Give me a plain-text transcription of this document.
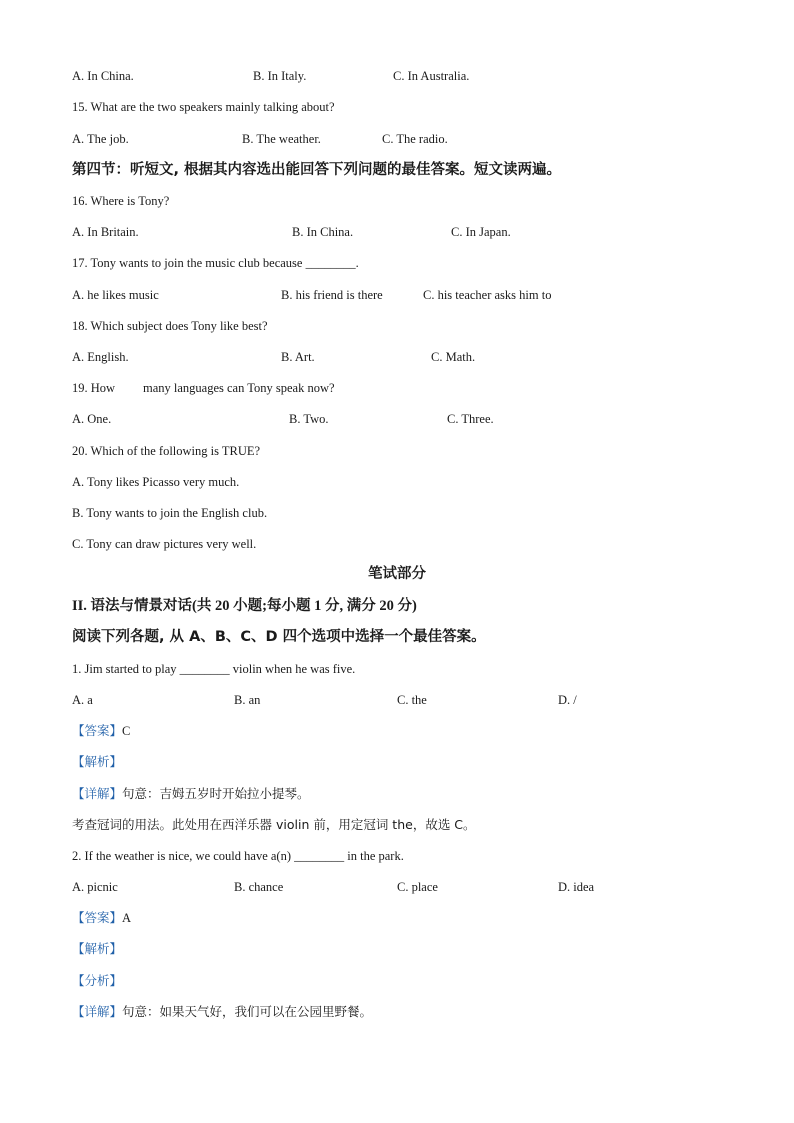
A. In China.	B. In Italy.	C. In Australia.
15. What are the two speakers mainly talking about?
A. The job.	B. The weather.	C. The radio.
第四节：听短文, 根据其内容选出能回答下列问题的最佳答案。短文读两遍。
16. Where is Tony?
A. In Britain.	B. In China.	C. In Japan.
17. Tony wants to join the music club because ________.
A. he likes music	B. his friend is there	C. his teacher asks him to
18. Which subject does Tony like best?
A. English.	B. Art.	C. Math.
19. How many languages can Tony speak now?
A. One.	B. Two.	C. Three.
20. Which of the following is TRUE?
A. Tony likes Picasso very much.
B. Tony wants to join the English club.
C. Tony can draw pictures very well.
笔试部分
II. 语法与情景对话(共 20 小题;每小题 1 分, 满分 20 分)
阅读下列各题, 从 A、B、C、D 四个选项中选择一个最佳答案。
1. Jim started to play ________ violin when he was five.
A. a	B. an	C. the	D. /
【答案】C
【解析】
【详解】句意：吉姆五岁时开始拉小提琴。
考查冠词的用法。此处用在西洋乐器 violin 前，用定冠词 the，故选 C。
2. If the weather is nice, we could have a(n) ________ in the park.
A. picnic	B. chance	C. place	D. idea
【答案】A
【解析】
【分析】
【详解】句意：如果天气好，我们可以在公园里野餐。
